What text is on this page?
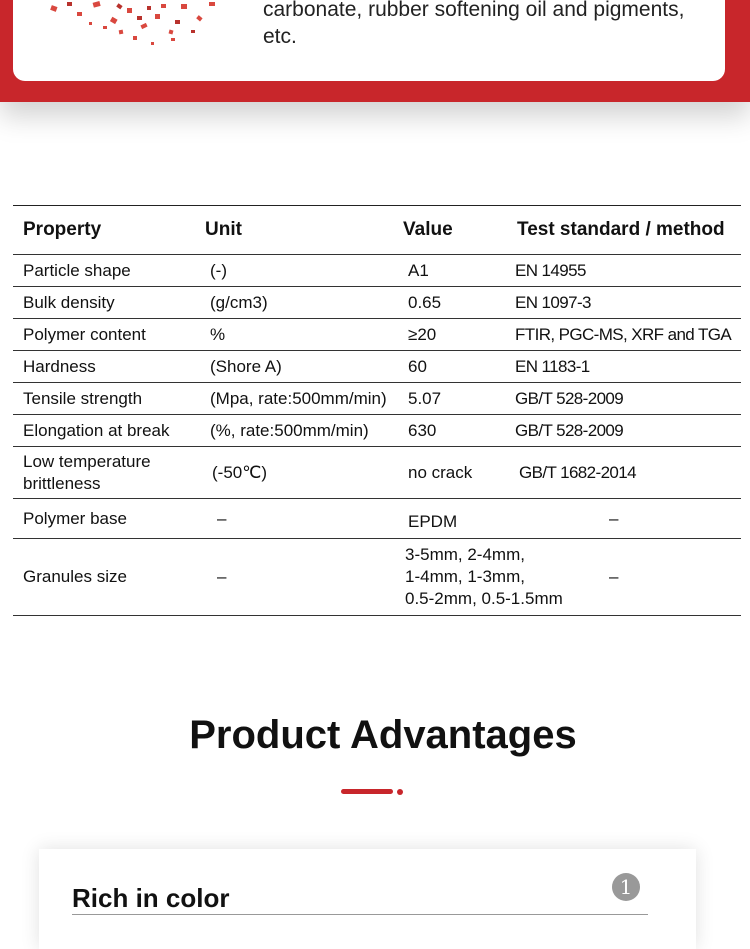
carbonate, rubber softening oil and pigments,
etc.

Property	Unit	Value	Test standard / method
Particle shape	(-)	A1	EN 14955
Bulk density	(g/cm3)	0.65	EN 1097-3
Polymer content	%	≥20	FTIR, PGC-MS, XRF and TGA
Hardness	(Shore A)	60	EN 1183-1
Tensile strength	(Mpa, rate:500mm/min)	5.07	GB/T 528-2009
Elongation at break	(%, rate:500mm/min)	630	GB/T 528-2009
Low temperature
brittleness	(-50℃)	no crack	GB/T 1682-2014
Polymer base	–	EPDM	–
Granules size	–	3-5mm, 2-4mm,
1-4mm, 1-3mm,
0.5-2mm, 0.5-1.5mm	–
Product Advantages
Rich in color	1
